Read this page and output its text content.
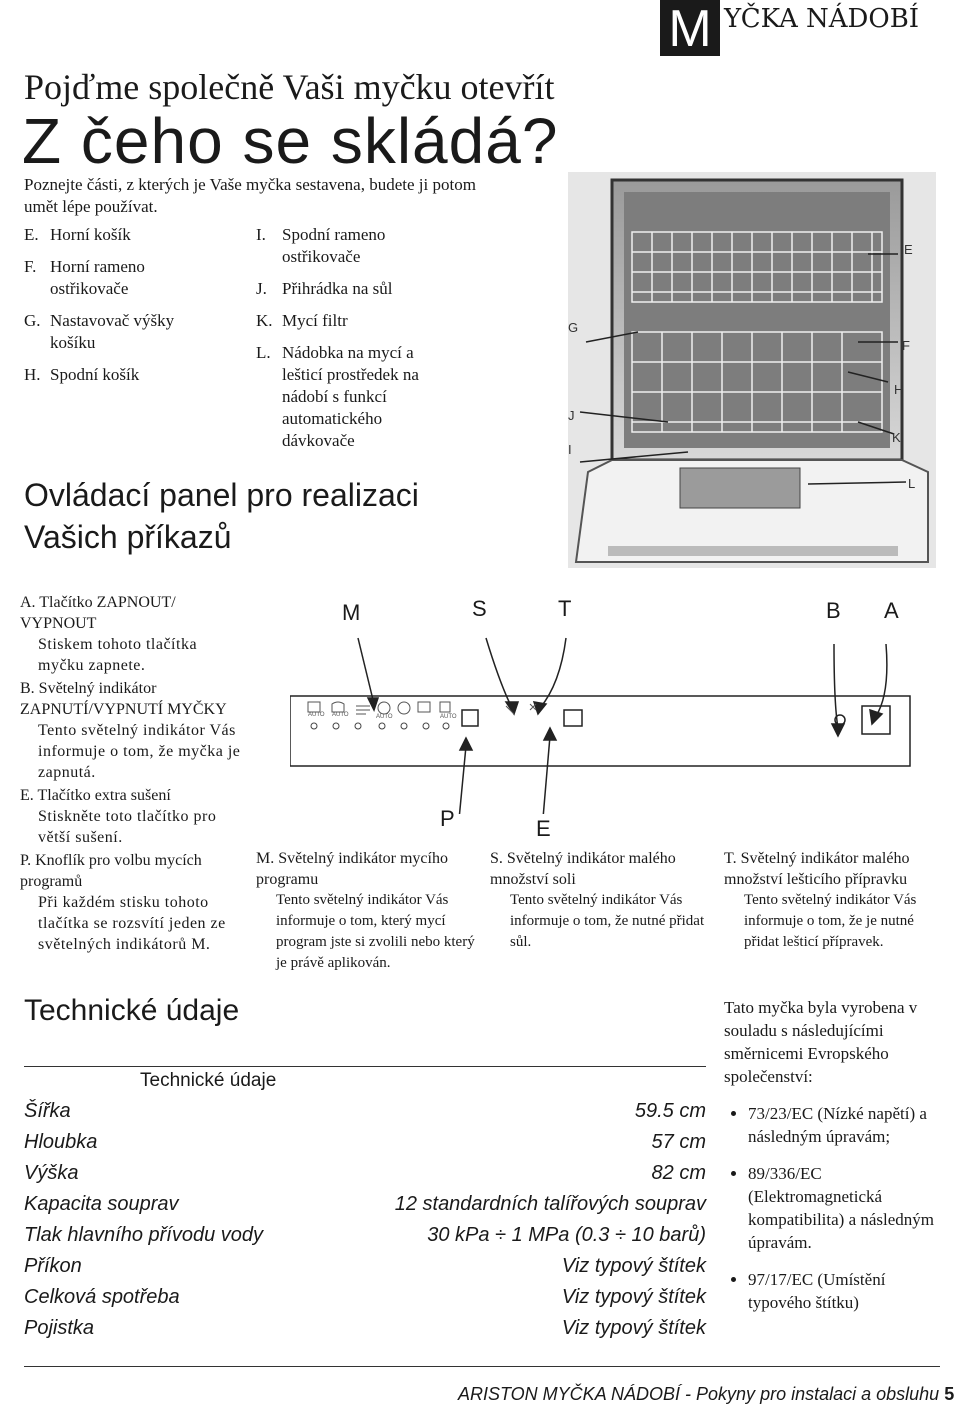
M YČKA NÁDOBÍ
Pojďme společně Vaši myčku otevřít
Z čeho se skládá?
Poznejte části, z kterých je Vaše myčka sestavena, budete ji potom umět lépe používat.
E. Horní košík
F. Horní rameno ostřikovače
G. Nastavovač výšky košíku
H. Spodní košík
I. Spodní rameno ostřikovače
J. Přihrádka na sůl
K. Mycí filtr
L. Nádobka na mycí a lešticí prostředek na nádobí s funkcí automatického dávkovače
Ovládací panel pro realizaci Vašich příkazů
E
F
H
G
J
K
I
L
M	S	T	B A
AUTO AUTO	AUTO	AUTO
P	E
A. Tlačítko ZAPNOUT/ VYPNOUT
Stiskem tohoto tlačítka myčku zapnete.
B. Světelný indikátor ZAPNUTÍ/VYPNUTÍ MYČKY
Tento světelný indikátor Vás informuje o tom, že myčka je zapnutá.
E. Tlačítko extra sušení
Stiskněte toto tlačítko pro větší sušení.
P. Knoflík pro volbu mycích programů
Při každém stisku tohoto tlačítka se rozsvítí jeden ze světelných indikátorů M.
M. Světelný indikátor mycího programu
Tento světelný indikátor Vás informuje o tom, který mycí program jste si zvolili nebo který je právě aplikován.
S. Světelný indikátor malého množství soli
Tento světelný indikátor Vás informuje o tom, že nutné přidat sůl.
T. Světelný indikátor malého množství lešticího přípravku
Tento světelný indikátor Vás informuje o tom, že je nutné přidat lešticí přípravek.
Technické údaje
Technické údaje
Šířka	59.5 cm
Hloubka	57 cm
Výška	82 cm
Kapacita souprav	12 standardních talířových souprav
Tlak hlavního přívodu vody	30 kPa ÷ 1 MPa (0.3 ÷ 10 barů)
Příkon	Viz typový štítek
Celková spotřeba	Viz typový štítek
Pojistka	Viz typový štítek
Tato myčka byla vyrobena v souladu s následujícími směrnicemi Evropského společenství:
• 73/23/EC (Nízké napětí) a následným úpravám;
• 89/336/EC (Elektromagnetická kompatibilita) a následným úpravám.
• 97/17/EC (Umístění typového štítku)
ARISTON MYČKA NÁDOBÍ - Pokyny pro instalaci a obsluhu 5
